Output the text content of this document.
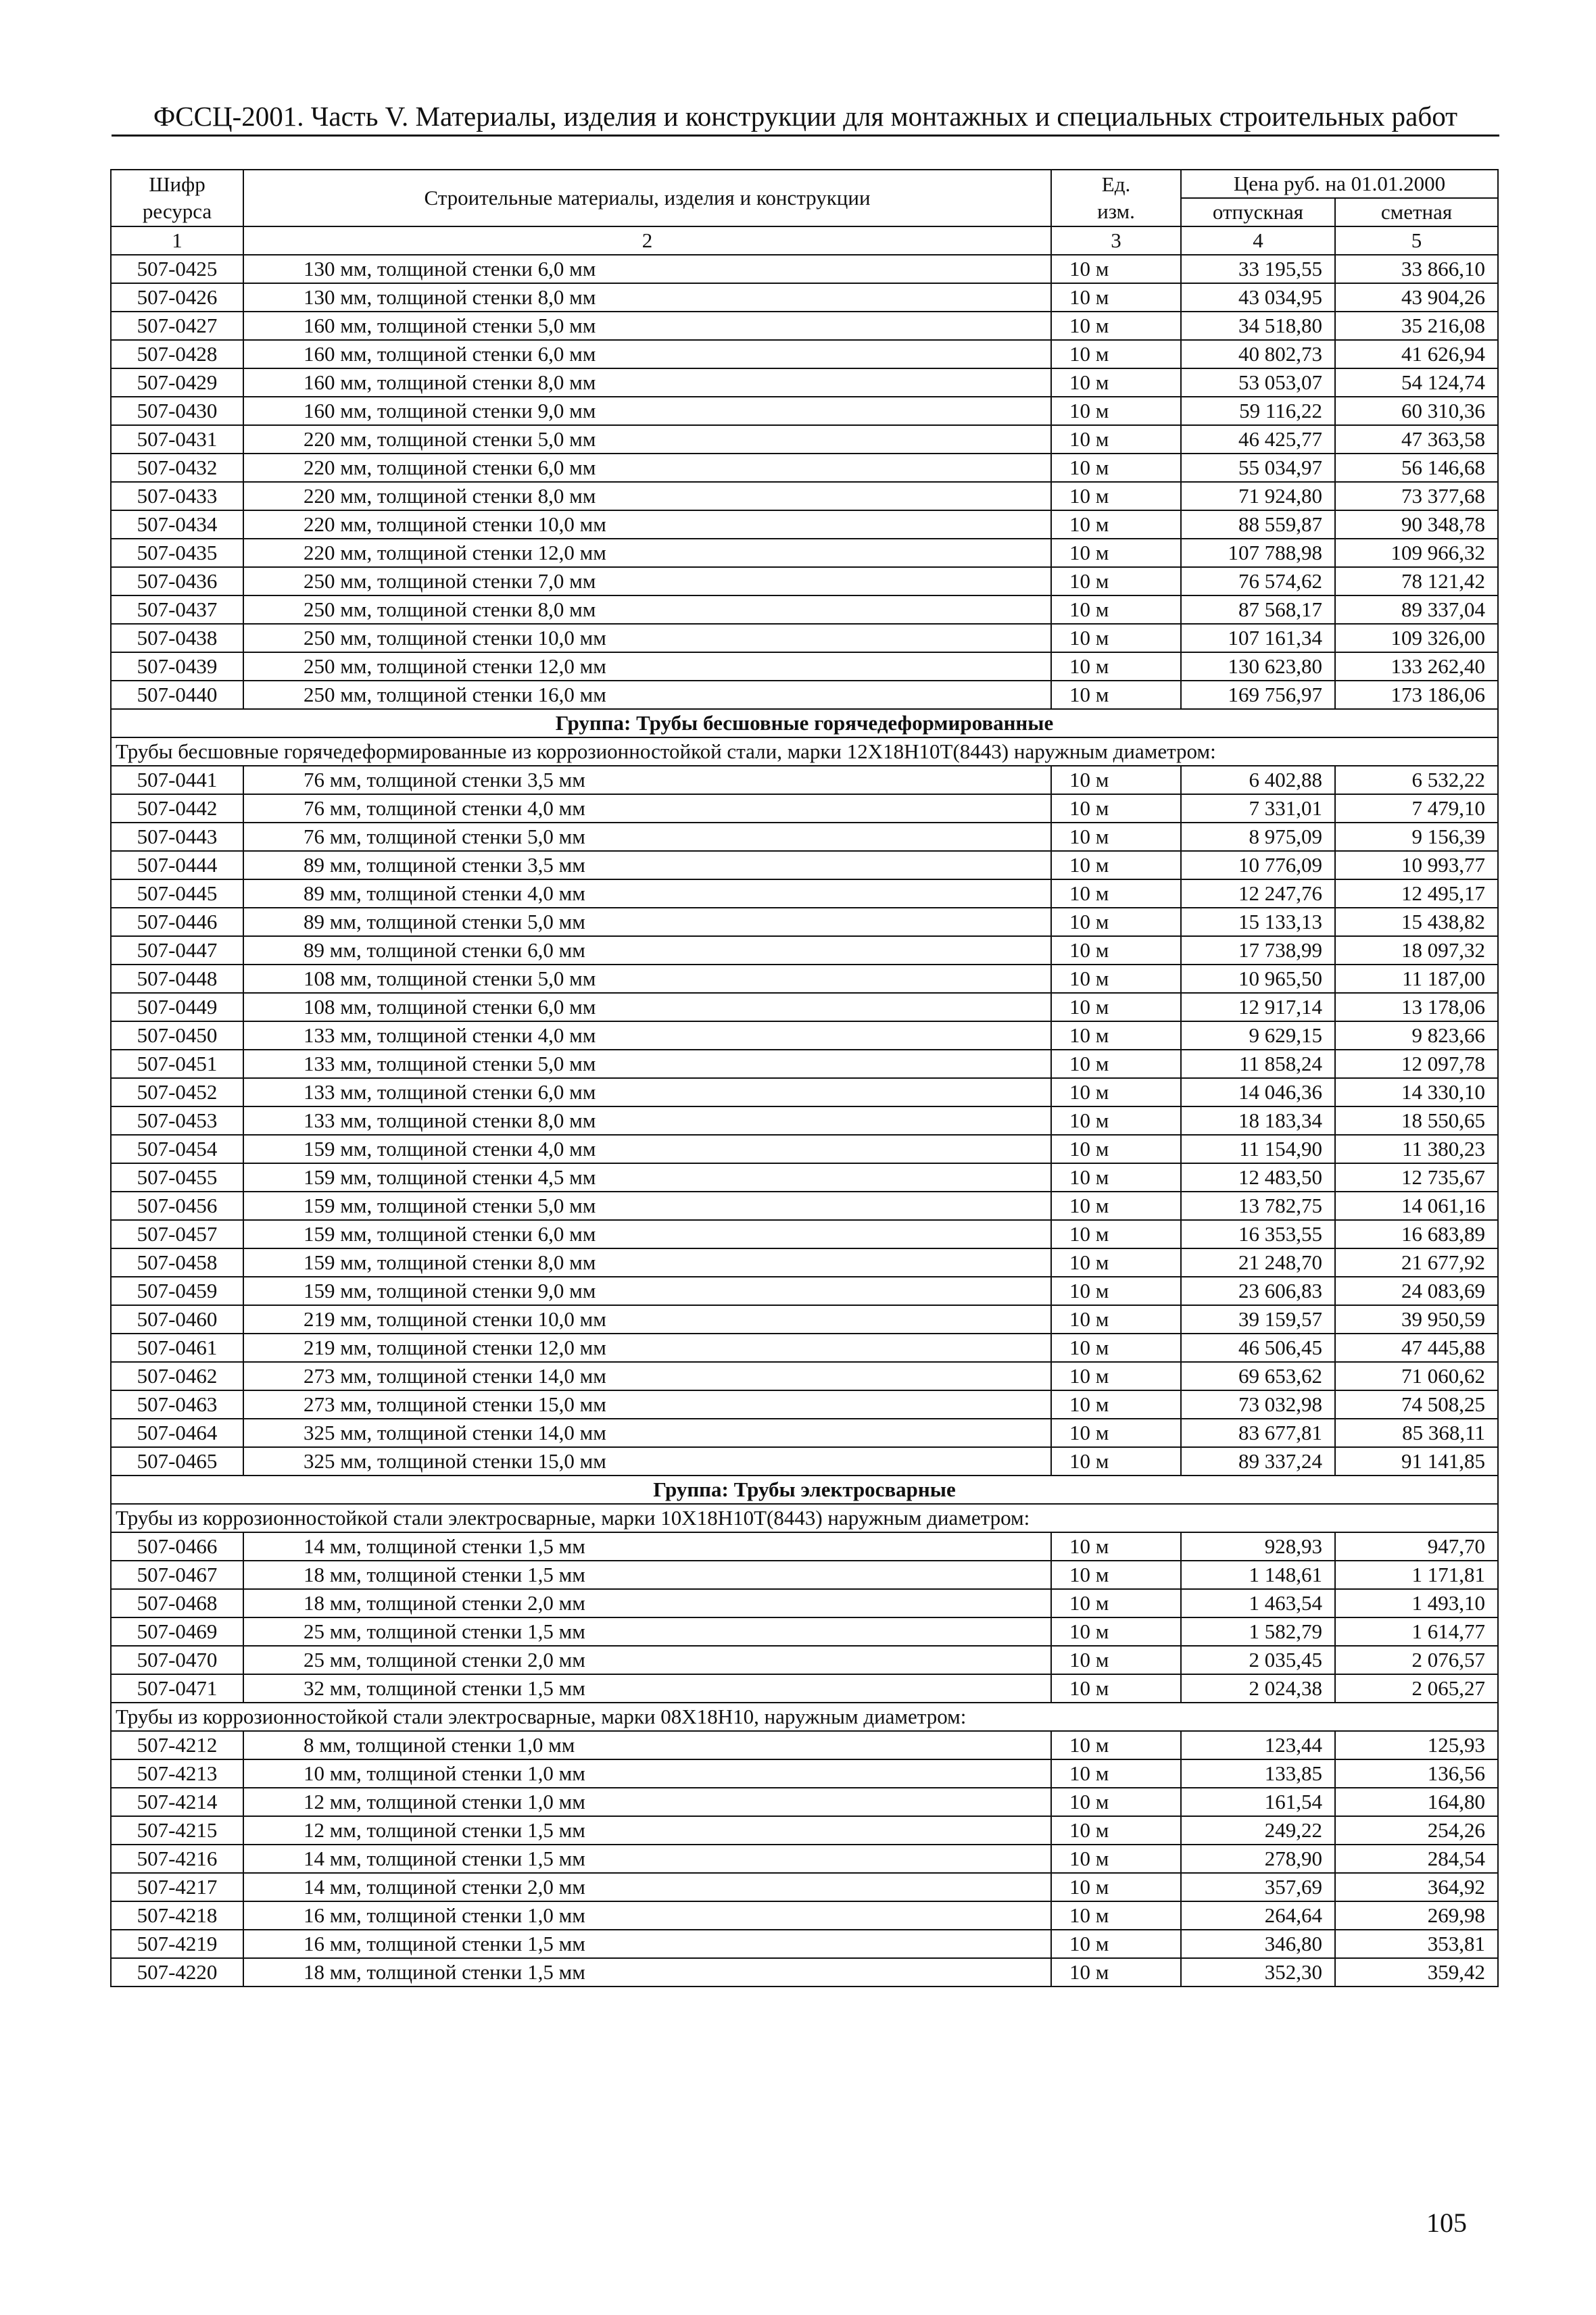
ФССЦ-2001. Часть V. Материалы, изделия и конструкции для монтажных и специальных строительных работ
Шифр ресурса	Строительные материалы, изделия и конструкции	Ед. изм.	Цена руб. на 01.01.2000	
			отпускная	сметная
1	2	3	4	5
507-0425	130 мм, толщиной стенки 6,0 мм	10 м	33 195,55	33 866,10
507-0426	130 мм, толщиной стенки 8,0 мм	10 м	43 034,95	43 904,26
507-0427	160 мм, толщиной стенки 5,0 мм	10 м	34 518,80	35 216,08
507-0428	160 мм, толщиной стенки 6,0 мм	10 м	40 802,73	41 626,94
507-0429	160 мм, толщиной стенки 8,0 мм	10 м	53 053,07	54 124,74
507-0430	160 мм, толщиной стенки 9,0 мм	10 м	59 116,22	60 310,36
507-0431	220 мм, толщиной стенки 5,0 мм	10 м	46 425,77	47 363,58
507-0432	220 мм, толщиной стенки 6,0 мм	10 м	55 034,97	56 146,68
507-0433	220 мм, толщиной стенки 8,0 мм	10 м	71 924,80	73 377,68
507-0434	220 мм, толщиной стенки 10,0 мм	10 м	88 559,87	90 348,78
507-0435	220 мм, толщиной стенки 12,0 мм	10 м	107 788,98	109 966,32
507-0436	250 мм, толщиной стенки 7,0 мм	10 м	76 574,62	78 121,42
507-0437	250 мм, толщиной стенки 8,0 мм	10 м	87 568,17	89 337,04
507-0438	250 мм, толщиной стенки 10,0 мм	10 м	107 161,34	109 326,00
507-0439	250 мм, толщиной стенки 12,0 мм	10 м	130 623,80	133 262,40
507-0440	250 мм, толщиной стенки 16,0 мм	10 м	169 756,97	173 186,06
Группа: Трубы бесшовные горячедеформированные				
Трубы бесшовные горячедеформированные из коррозионностойкой стали, марки 12Х18Н10Т(8443) наружным диаметром:				
507-0441	76 мм, толщиной стенки 3,5 мм	10 м	6 402,88	6 532,22
507-0442	76 мм, толщиной стенки 4,0 мм	10 м	7 331,01	7 479,10
507-0443	76 мм, толщиной стенки 5,0 мм	10 м	8 975,09	9 156,39
507-0444	89 мм, толщиной стенки 3,5 мм	10 м	10 776,09	10 993,77
507-0445	89 мм, толщиной стенки 4,0 мм	10 м	12 247,76	12 495,17
507-0446	89 мм, толщиной стенки 5,0 мм	10 м	15 133,13	15 438,82
507-0447	89 мм, толщиной стенки 6,0 мм	10 м	17 738,99	18 097,32
507-0448	108 мм, толщиной стенки 5,0 мм	10 м	10 965,50	11 187,00
507-0449	108 мм, толщиной стенки 6,0 мм	10 м	12 917,14	13 178,06
507-0450	133 мм, толщиной стенки 4,0 мм	10 м	9 629,15	9 823,66
507-0451	133 мм, толщиной стенки 5,0 мм	10 м	11 858,24	12 097,78
507-0452	133 мм, толщиной стенки 6,0 мм	10 м	14 046,36	14 330,10
507-0453	133 мм, толщиной стенки 8,0 мм	10 м	18 183,34	18 550,65
507-0454	159 мм, толщиной стенки 4,0 мм	10 м	11 154,90	11 380,23
507-0455	159 мм, толщиной стенки 4,5 мм	10 м	12 483,50	12 735,67
507-0456	159 мм, толщиной стенки 5,0 мм	10 м	13 782,75	14 061,16
507-0457	159 мм, толщиной стенки 6,0 мм	10 м	16 353,55	16 683,89
507-0458	159 мм, толщиной стенки 8,0 мм	10 м	21 248,70	21 677,92
507-0459	159 мм, толщиной стенки 9,0 мм	10 м	23 606,83	24 083,69
507-0460	219 мм, толщиной стенки 10,0 мм	10 м	39 159,57	39 950,59
507-0461	219 мм, толщиной стенки 12,0 мм	10 м	46 506,45	47 445,88
507-0462	273 мм, толщиной стенки 14,0 мм	10 м	69 653,62	71 060,62
507-0463	273 мм, толщиной стенки 15,0 мм	10 м	73 032,98	74 508,25
507-0464	325 мм, толщиной стенки 14,0 мм	10 м	83 677,81	85 368,11
507-0465	325 мм, толщиной стенки 15,0 мм	10 м	89 337,24	91 141,85
Группа: Трубы электросварные				
Трубы из коррозионностойкой стали электросварные, марки 10Х18Н10Т(8443) наружным диаметром:				
507-0466	14 мм, толщиной стенки 1,5 мм	10 м	928,93	947,70
507-0467	18 мм, толщиной стенки 1,5 мм	10 м	1 148,61	1 171,81
507-0468	18 мм, толщиной стенки 2,0 мм	10 м	1 463,54	1 493,10
507-0469	25 мм, толщиной стенки 1,5 мм	10 м	1 582,79	1 614,77
507-0470	25 мм, толщиной стенки 2,0 мм	10 м	2 035,45	2 076,57
507-0471	32 мм, толщиной стенки 1,5 мм	10 м	2 024,38	2 065,27
Трубы из коррозионностойкой стали электросварные, марки 08Х18Н10, наружным диаметром:				
507-4212	8 мм, толщиной стенки 1,0 мм	10 м	123,44	125,93
507-4213	10 мм, толщиной стенки 1,0 мм	10 м	133,85	136,56
507-4214	12 мм, толщиной стенки 1,0 мм	10 м	161,54	164,80
507-4215	12 мм, толщиной стенки 1,5 мм	10 м	249,22	254,26
507-4216	14 мм, толщиной стенки 1,5 мм	10 м	278,90	284,54
507-4217	14 мм, толщиной стенки 2,0 мм	10 м	357,69	364,92
507-4218	16 мм, толщиной стенки 1,0 мм	10 м	264,64	269,98
507-4219	16 мм, толщиной стенки 1,5 мм	10 м	346,80	353,81
507-4220	18 мм, толщиной стенки 1,5 мм	10 м	352,30	359,42
105
